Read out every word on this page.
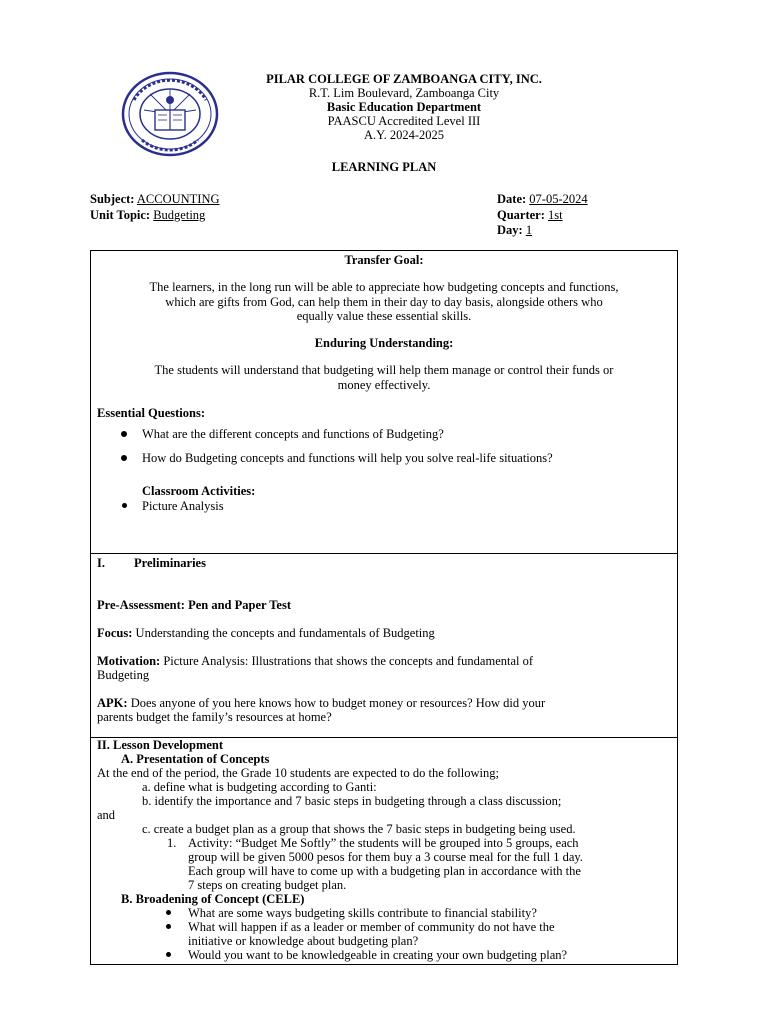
PILAR COLLEGE OF ZAMBOANGA CITY, INC.
R.T. Lim Boulevard, Zamboanga City
Basic Education Department
PAASCU Accredited Level III
A.Y. 2024-2025
LEARNING PLAN
Subject: ACCOUNTING
Unit Topic: Budgeting
Date: 07-05-2024
Quarter: 1st
Day: 1
Transfer Goal:
The learners, in the long run will be able to appreciate how budgeting concepts and functions,
which are gifts from God, can help them in their day to day basis, alongside others who
equally value these essential skills.
Enduring Understanding:
The students will understand that budgeting will help them manage or control their funds or
money effectively.
Essential Questions:
What are the different concepts and functions of Budgeting?
How do Budgeting concepts and functions will help you solve real-life situations?
Classroom Activities:
Picture Analysis
I. Preliminaries
Pre-Assessment: Pen and Paper Test
Focus: Understanding the concepts and fundamentals of Budgeting
Motivation: Picture Analysis: Illustrations that shows the concepts and fundamental of
Budgeting
APK: Does anyone of you here knows how to budget money or resources? How did your
parents budget the family’s resources at home?
II. Lesson Development
A. Presentation of Concepts
At the end of the period, the Grade 10 students are expected to do the following;
a. define what is budgeting according to Ganti:
b. identify the importance and 7 basic steps in budgeting through a class discussion;
and
c. create a budget plan as a group that shows the 7 basic steps in budgeting being used.
1. Activity: “Budget Me Softly” the students will be grouped into 5 groups, each
group will be given 5000 pesos for them buy a 3 course meal for the full 1 day.
Each group will have to come up with a budgeting plan in accordance with the
7 steps on creating budget plan.
B. Broadening of Concept (CELE)
What are some ways budgeting skills contribute to financial stability?
What will happen if as a leader or member of community do not have the
initiative or knowledge about budgeting plan?
Would you want to be knowledgeable in creating your own budgeting plan?
